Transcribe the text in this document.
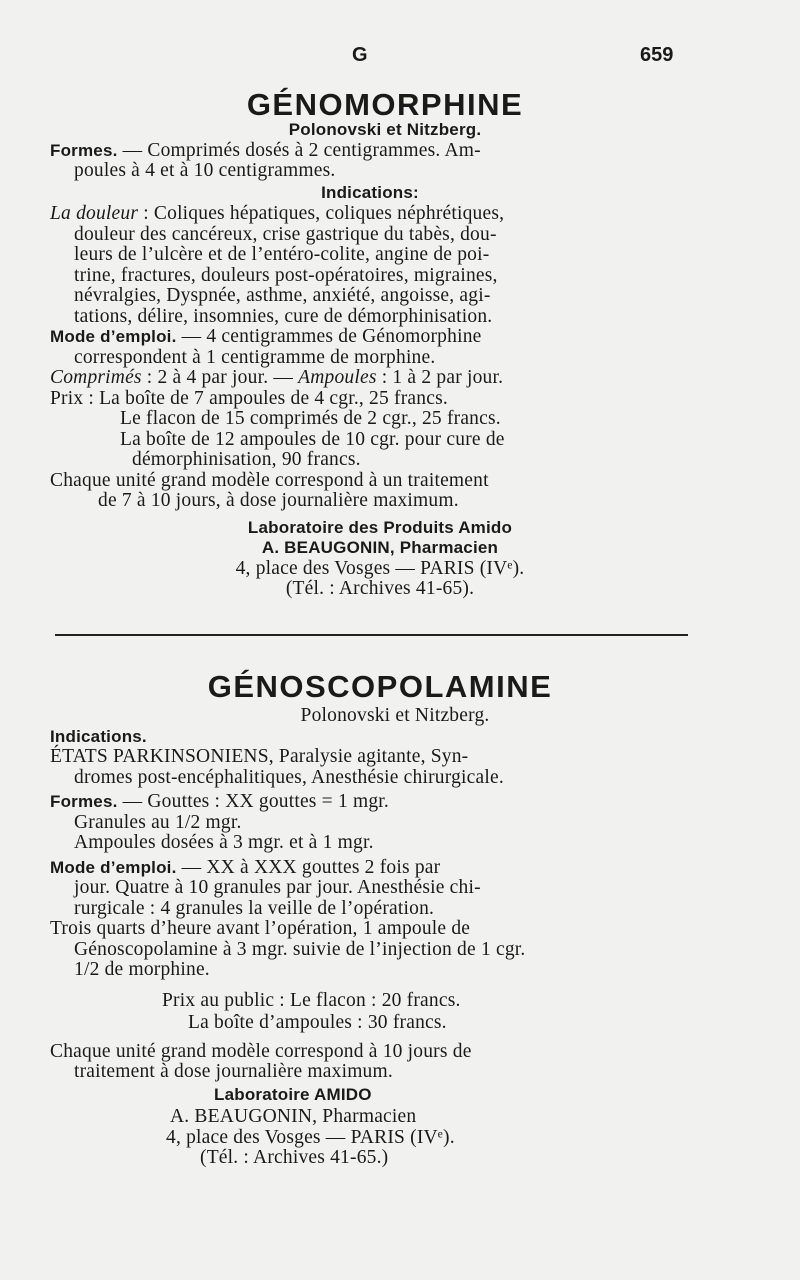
G	659
GÉNOMORPHINE
Polonovski et Nitzberg.
Formes. — Comprimés dosés à 2 centigrammes. Am-
poules à 4 et à 10 centigrammes.
Indications:
La douleur : Coliques hépatiques, coliques néphrétiques,
douleur des cancéreux, crise gastrique du tabès, dou-
leurs de l’ulcère et de l’entéro-colite, angine de poi-
trine, fractures, douleurs post-opératoires, migraines,
névralgies, Dyspnée, asthme, anxiété, angoisse, agi-
tations, délire, insomnies, cure de démorphinisation.
Mode d’emploi. — 4 centigrammes de Génomorphine
correspondent à 1 centigramme de morphine.
Comprimés : 2 à 4 par jour. — Ampoules : 1 à 2 par jour.
Prix : La boîte de 7 ampoules de 4 cgr., 25 francs.
Le flacon de 15 comprimés de 2 cgr., 25 francs.
La boîte de 12 ampoules de 10 cgr. pour cure de
démorphinisation, 90 francs.
Chaque unité grand modèle correspond à un traitement
de 7 à 10 jours, à dose journalière maximum.
Laboratoire des Produits Amido
A. BEAUGONIN, Pharmacien
4, place des Vosges — PARIS (IVᵉ).
(Tél. : Archives 41-65).
GÉNOSCOPOLAMINE
Polonovski et Nitzberg.
Indications.
ÉTATS PARKINSONIENS, Paralysie agitante, Syn-
dromes post-encéphalitiques, Anesthésie chirurgicale.
Formes. — Gouttes : XX gouttes = 1 mgr.
Granules au 1/2 mgr.
Ampoules dosées à 3 mgr. et à 1 mgr.
Mode d’emploi. — XX à XXX gouttes 2 fois par
jour. Quatre à 10 granules par jour. Anesthésie chi-
rurgicale : 4 granules la veille de l’opération.
Trois quarts d’heure avant l’opération, 1 ampoule de
Génoscopolamine à 3 mgr. suivie de l’injection de 1 cgr.
1/2 de morphine.
Prix au public : Le flacon : 20 francs.
La boîte d’ampoules : 30 francs.
Chaque unité grand modèle correspond à 10 jours de
traitement à dose journalière maximum.
Laboratoire AMIDO
A. BEAUGONIN, Pharmacien
4, place des Vosges — PARIS (IVᵉ).
(Tél. : Archives 41-65.)
